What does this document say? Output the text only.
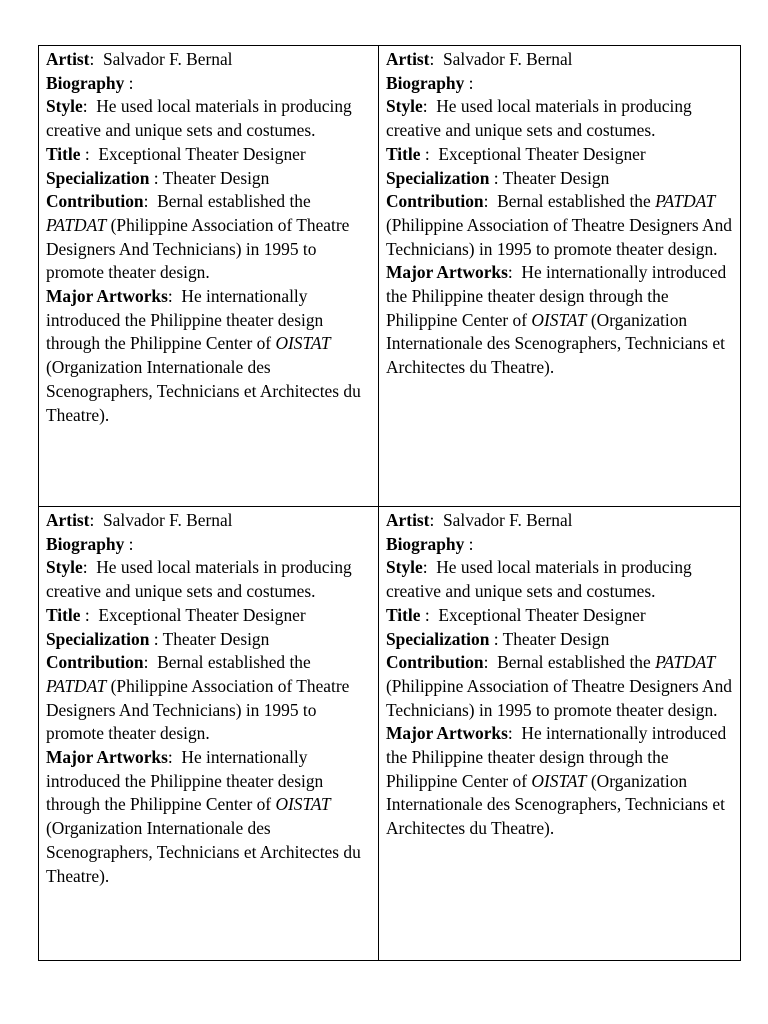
Artist:  Salvador F. Bernal

Biography :

Style:  He used local materials in producing creative and unique sets and costumes.

Title :  Exceptional Theater Designer

Specialization : Theater Design

Contribution:  Bernal established the PATDAT (Philippine Association of Theatre Designers And Technicians) in 1995 to promote theater design.

Major Artworks:  He internationally introduced the Philippine theater design through the Philippine Center of OISTAT (Organization Internationale des Scenographers, Technicians et Architectes du Theatre).

Artist:  Salvador F. Bernal

Biography :

Style:  He used local materials in producing creative and unique sets and costumes.

Title :  Exceptional Theater Designer

Specialization : Theater Design

Contribution:  Bernal established the PATDAT (Philippine Association of Theatre Designers And Technicians) in 1995 to promote theater design.

Major Artworks:  He internationally introduced the Philippine theater design through the Philippine Center of OISTAT (Organization Internationale des Scenographers, Technicians et Architectes du Theatre).

Artist:  Salvador F. Bernal

Biography :

Style:  He used local materials in producing creative and unique sets and costumes.

Title :  Exceptional Theater Designer

Specialization : Theater Design

Contribution:  Bernal established the PATDAT (Philippine Association of Theatre Designers And Technicians) in 1995 to promote theater design.

Major Artworks:  He internationally introduced the Philippine theater design through the Philippine Center of OISTAT (Organization Internationale des Scenographers, Technicians et Architectes du Theatre).

Artist:  Salvador F. Bernal

Biography :

Style:  He used local materials in producing creative and unique sets and costumes.

Title :  Exceptional Theater Designer

Specialization : Theater Design

Contribution:  Bernal established the PATDAT (Philippine Association of Theatre Designers And Technicians) in 1995 to promote theater design.

Major Artworks:  He internationally introduced the Philippine theater design through the Philippine Center of OISTAT (Organization Internationale des Scenographers, Technicians et Architectes du Theatre).
